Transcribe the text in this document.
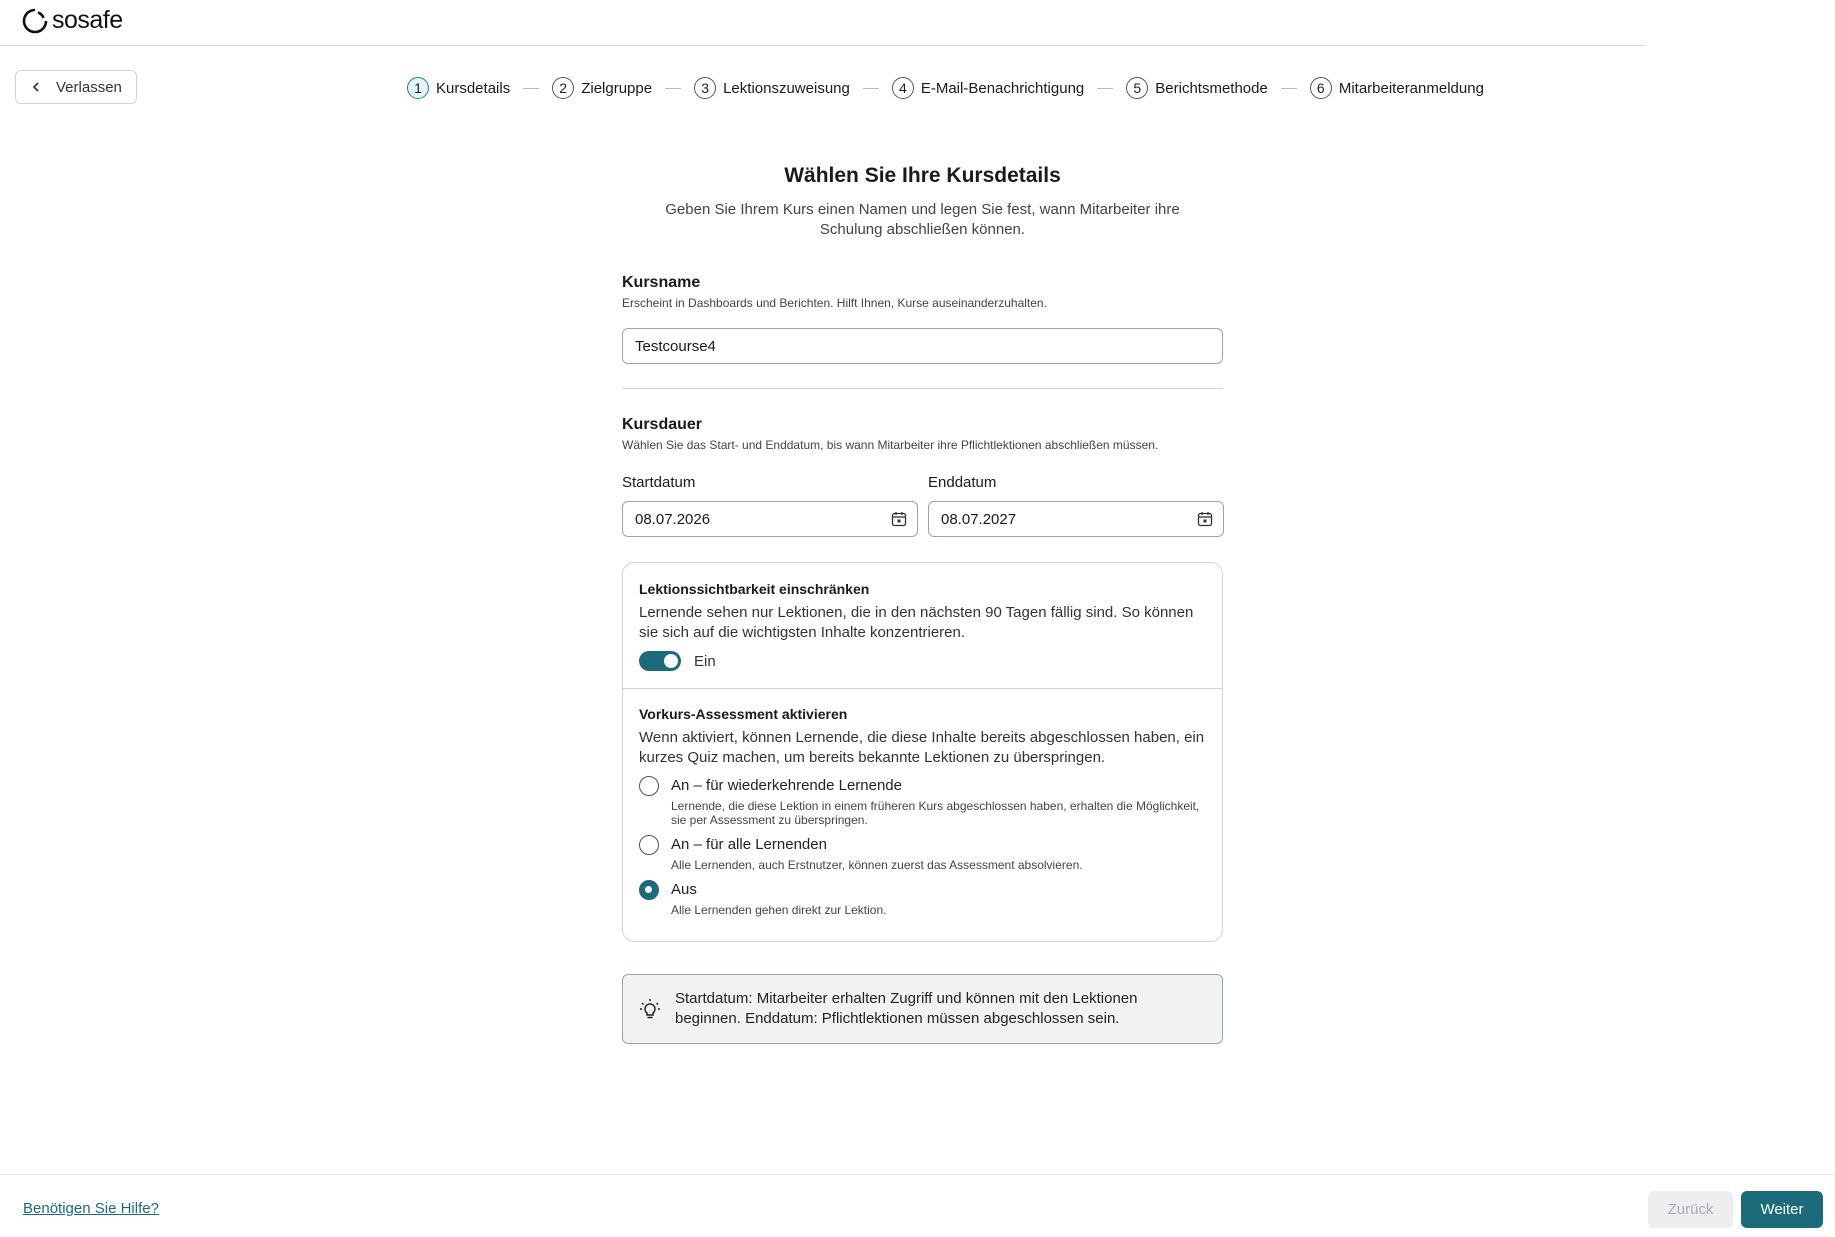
sosafe
Verlassen	1 Kursdetails	2 Zielgruppe	3 Lektionszuweisung	4 E-Mail-Benachrichtigung	5 Berichtsmethode	6 Mitarbeiteranmeldung
Wählen Sie Ihre Kursdetails
Geben Sie Ihrem Kurs einen Namen und legen Sie fest, wann Mitarbeiter ihre Schulung abschließen können.
Kursname
Erscheint in Dashboards und Berichten. Hilft Ihnen, Kurse auseinanderzuhalten.
Testcourse4
Kursdauer
Wählen Sie das Start- und Enddatum, bis wann Mitarbeiter ihre Pflichtlektionen abschließen müssen.
Startdatum	Enddatum
08.07.2026	08.07.2027
Lektionssichtbarkeit einschränken
Lernende sehen nur Lektionen, die in den nächsten 90 Tagen fällig sind. So können sie sich auf die wichtigsten Inhalte konzentrieren.
Ein
Vorkurs-Assessment aktivieren
Wenn aktiviert, können Lernende, die diese Inhalte bereits abgeschlossen haben, ein kurzes Quiz machen, um bereits bekannte Lektionen zu überspringen.
An – für wiederkehrende Lernende
Lernende, die diese Lektion in einem früheren Kurs abgeschlossen haben, erhalten die Möglichkeit, sie per Assessment zu überspringen.
An – für alle Lernenden
Alle Lernenden, auch Erstnutzer, können zuerst das Assessment absolvieren.
Aus
Alle Lernenden gehen direkt zur Lektion.
Startdatum: Mitarbeiter erhalten Zugriff und können mit den Lektionen beginnen. Enddatum: Pflichtlektionen müssen abgeschlossen sein.
Benötigen Sie Hilfe?	Zurück	Weiter
